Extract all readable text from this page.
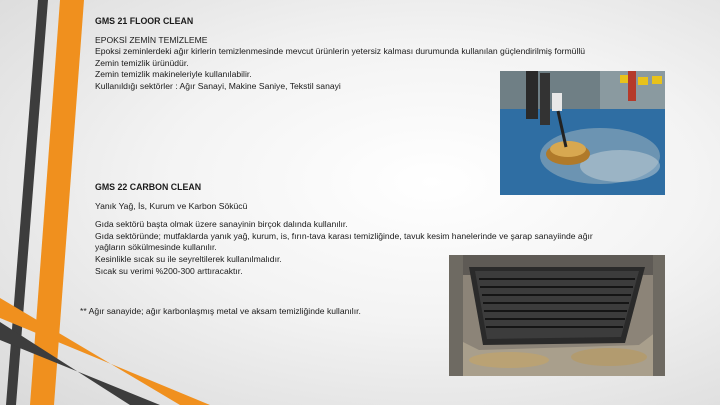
GMS 21 FLOOR CLEAN

EPOKSİ ZEMİN TEMİZLEME

Epoksi zeminlerdeki ağır kirlerin temizlenmesinde mevcut ürünlerin yetersiz kalması durumunda kullanılan güçlendirilmiş formüllü

Zemin temizlik ürünüdür.

Zemin temizlik makineleriyle kullanılabilir.

Kullanıldığı sektörler : Ağır Sanayi, Makine Saniye, Tekstil sanayi

GMS 22 CARBON CLEAN

Yanık Yağ, İs, Kurum ve Karbon Sökücü

Gıda sektörü başta olmak üzere sanayinin birçok dalında kullanılır.

Gıda sektöründe; mutfaklarda yanık yağ, kurum, is, fırın-tava karası temizliğinde, tavuk kesim hanelerinde ve şarap sanayiinde ağır

yağların sökülmesinde kullanılır.

Kesinlikle sıcak su ile seyreltilerek kullanılmalıdır.

Sıcak su verimi %200-300 arttıracaktır.

** Ağır sanayide; ağır karbonlaşmış metal ve aksam temizliğinde kullanılır.
